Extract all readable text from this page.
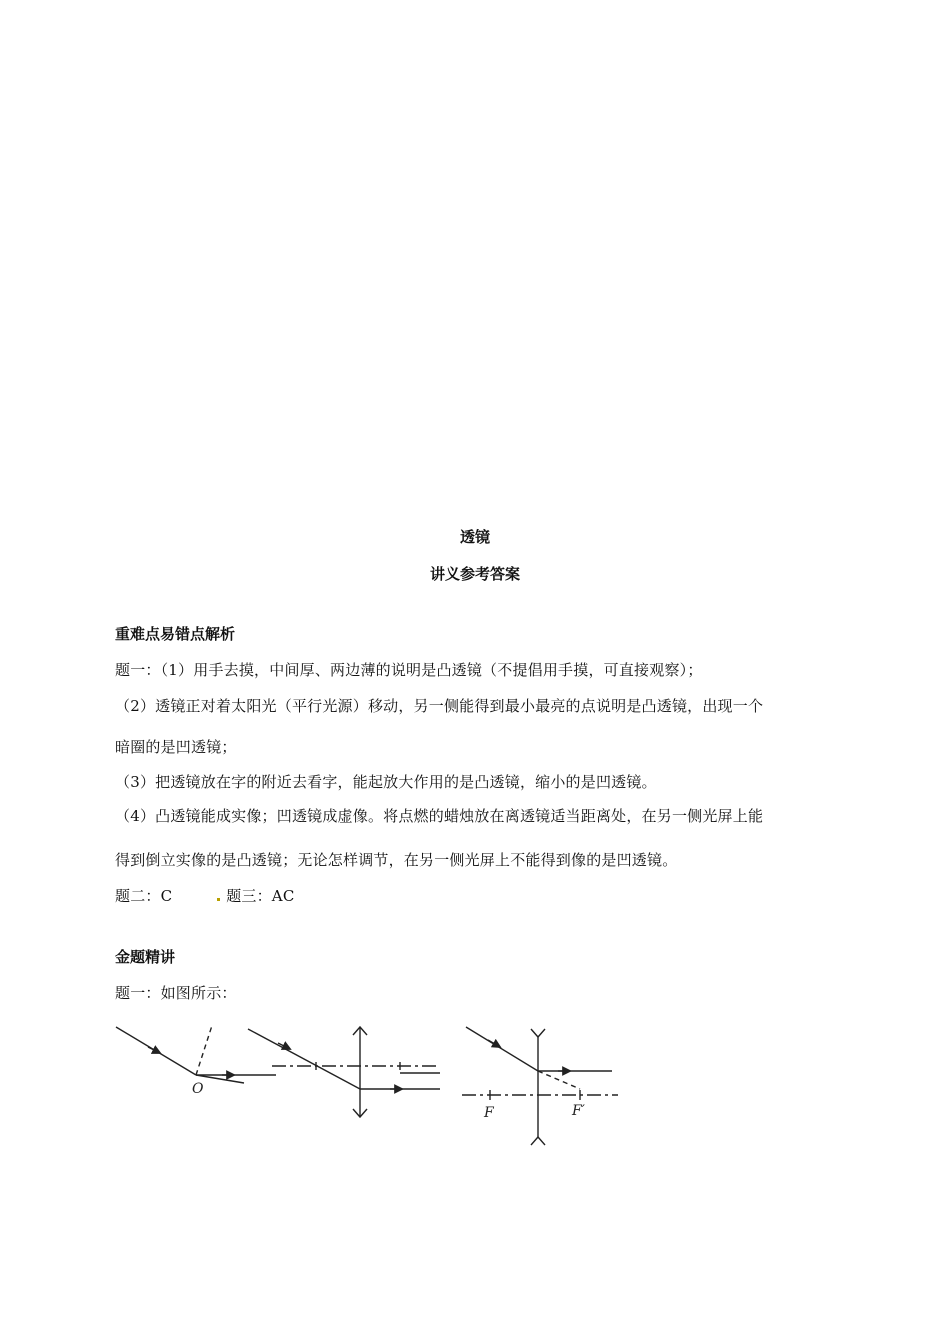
透镜
讲义参考答案
重难点易错点解析
题一：（1）用手去摸，中间厚、两边薄的说明是凸透镜（不提倡用手摸，可直接观察）；
（2）透镜正对着太阳光（平行光源）移动，另一侧能得到最小最亮的点说明是凸透镜，出现一个
暗圈的是凹透镜；
（3）把透镜放在字的附近去看字，能起放大作用的是凸透镜，缩小的是凹透镜。
（4）凸透镜能成实像；凹透镜成虚像。将点燃的蜡烛放在离透镜适当距离处，在另一侧光屏上能
得到倒立实像的是凸透镜；无论怎样调节，在另一侧光屏上不能得到像的是凹透镜。
题二：C	题三：AC
金题精讲
题一：如图所示：
O
F	F′
